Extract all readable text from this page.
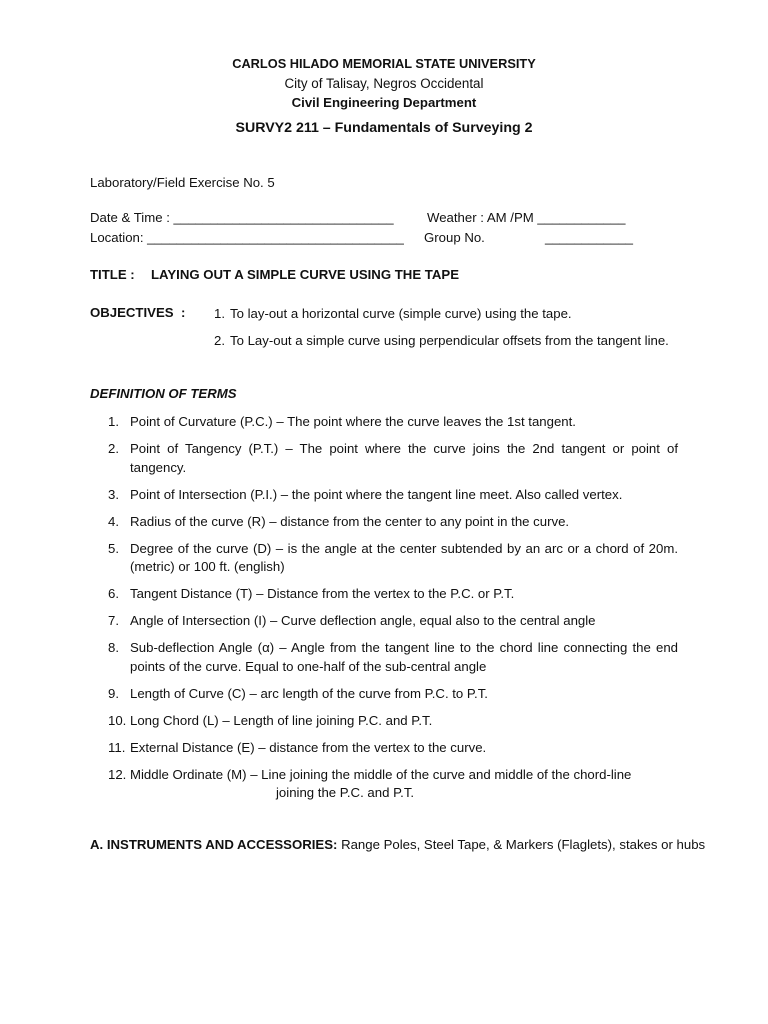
CARLOS HILADO MEMORIAL STATE UNIVERSITY
City of Talisay, Negros Occidental
Civil Engineering Department
SURVY2 211 – Fundamentals of Surveying 2
Laboratory/Field Exercise No. 5
Date & Time : ______________________________	Weather : AM /PM ____________
Location: ___________________________________ Group No.	____________
TITLE : LAYING OUT A SIMPLE CURVE USING THE TAPE
OBJECTIVES : 1. To lay-out a horizontal curve (simple curve) using the tape.
2. To Lay-out a simple curve using perpendicular offsets from the tangent line.
DEFINITION OF TERMS
1. Point of Curvature (P.C.) – The point where the curve leaves the 1st tangent.
2. Point of Tangency (P.T.) – The point where the curve joins the 2nd tangent or point of tangency.
3. Point of Intersection (P.I.) – the point where the tangent line meet. Also called vertex.
4. Radius of the curve (R) – distance from the center to any point in the curve.
5. Degree of the curve (D) – is the angle at the center subtended by an arc or a chord of 20m. (metric) or 100 ft. (english)
6. Tangent Distance (T) – Distance from the vertex to the P.C. or P.T.
7. Angle of Intersection (I) – Curve deflection angle, equal also to the central angle
8. Sub-deflection Angle (α) – Angle from the tangent line to the chord line connecting the end points of the curve. Equal to one-half of the sub-central angle
9. Length of Curve (C) – arc length of the curve from P.C. to P.T.
10. Long Chord (L) – Length of line joining P.C. and P.T.
11. External Distance (E) – distance from the vertex to the curve.
12. Middle Ordinate (M) – Line joining the middle of the curve and middle of the chord-line
joining the P.C. and P.T.
A. INSTRUMENTS AND ACCESSORIES: Range Poles, Steel Tape, & Markers (Flaglets), stakes or hubs
